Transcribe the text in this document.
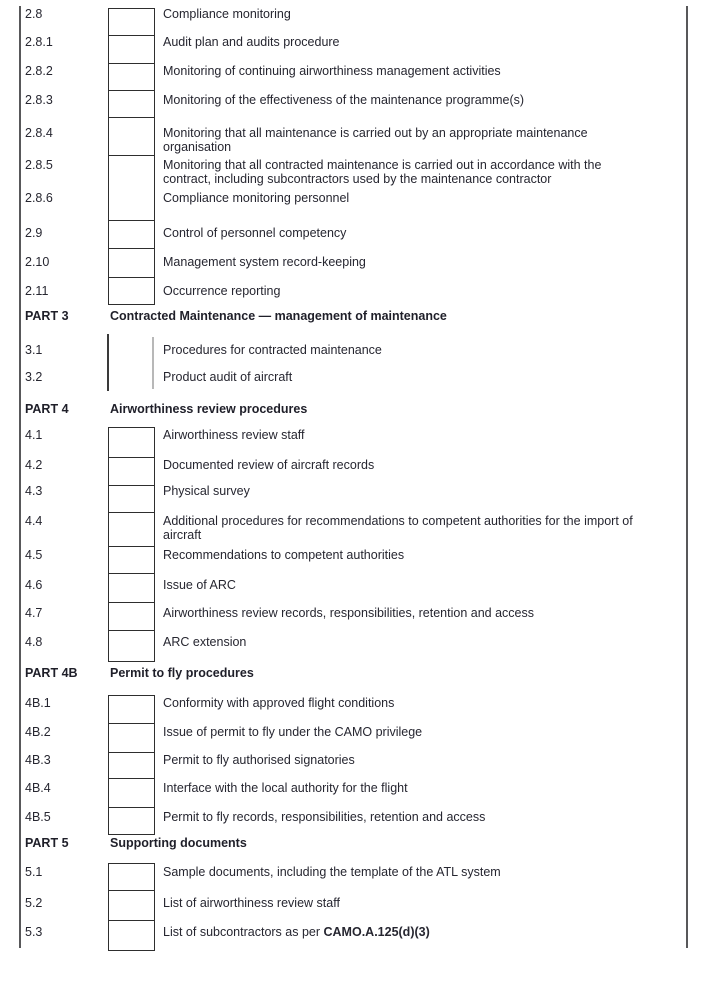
2.8	Compliance monitoring
2.8.1	Audit plan and audits procedure
2.8.2	Monitoring of continuing airworthiness management activities
2.8.3	Monitoring of the effectiveness of the maintenance programme(s)
2.8.4	Monitoring that all maintenance is carried out by an appropriate maintenance
organisation
2.8.5	Monitoring that all contracted maintenance is carried out in accordance with the
contract, including subcontractors used by the maintenance contractor
2.8.6	Compliance monitoring personnel
2.9	Control of personnel competency
2.10	Management system record-keeping
2.11	Occurrence reporting
PART 3	Contracted Maintenance — management of maintenance
3.1	Procedures for contracted maintenance
3.2	Product audit of aircraft
PART 4	Airworthiness review procedures
4.1	Airworthiness review staff
4.2	Documented review of aircraft records
4.3	Physical survey
4.4	Additional procedures for recommendations to competent authorities for the import of
aircraft
4.5	Recommendations to competent authorities
4.6	Issue of ARC
4.7	Airworthiness review records, responsibilities, retention and access
4.8	ARC extension
PART 4B	Permit to fly procedures
4B.1	Conformity with approved flight conditions
4B.2	Issue of permit to fly under the CAMO privilege
4B.3	Permit to fly authorised signatories
4B.4	Interface with the local authority for the flight
4B.5	Permit to fly records, responsibilities, retention and access
PART 5	Supporting documents
5.1	Sample documents, including the template of the ATL system
5.2	List of airworthiness review staff
5.3	List of subcontractors as per CAMO.A.125(d)(3)
